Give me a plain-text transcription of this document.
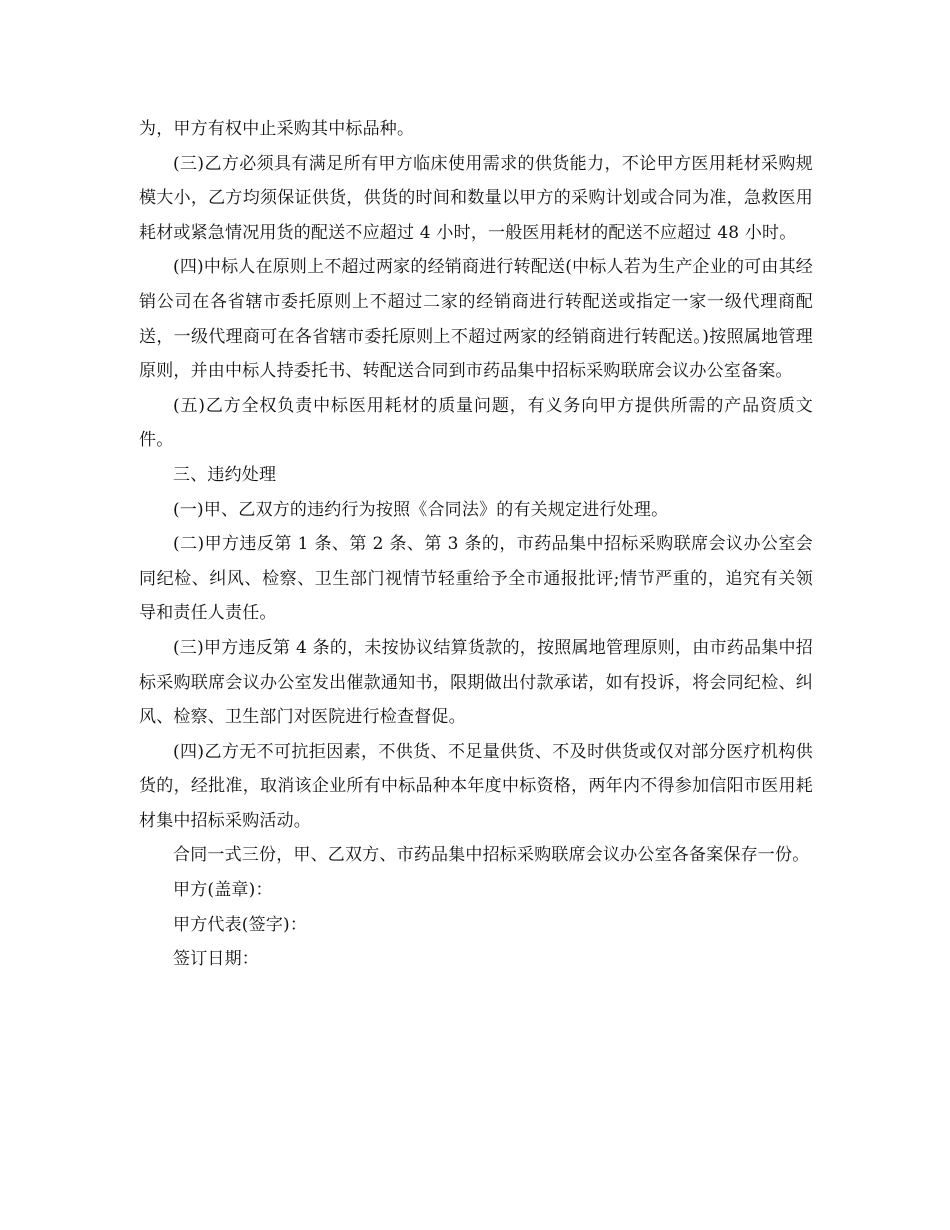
为，甲方有权中止采购其中标品种。

(三)乙方必须具有满足所有甲方临床使用需求的供货能力，不论甲方医用耗材采购规模大小，乙方均须保证供货，供货的时间和数量以甲方的采购计划或合同为准，急救医用耗材或紧急情况用货的配送不应超过 4 小时，一般医用耗材的配送不应超过 48 小时。

(四)中标人在原则上不超过两家的经销商进行转配送(中标人若为生产企业的可由其经销公司在各省辖市委托原则上不超过二家的经销商进行转配送或指定一家一级代理商配送，一级代理商可在各省辖市委托原则上不超过两家的经销商进行转配送。)按照属地管理原则，并由中标人持委托书、转配送合同到市药品集中招标采购联席会议办公室备案。

(五)乙方全权负责中标医用耗材的质量问题，有义务向甲方提供所需的产品资质文件。

三、违约处理

(一)甲、乙双方的违约行为按照《合同法》的有关规定进行处理。

(二)甲方违反第 1 条、第 2 条、第 3 条的，市药品集中招标采购联席会议办公室会同纪检、纠风、检察、卫生部门视情节轻重给予全市通报批评;情节严重的，追究有关领导和责任人责任。

(三)甲方违反第 4 条的，未按协议结算货款的，按照属地管理原则，由市药品集中招标采购联席会议办公室发出催款通知书，限期做出付款承诺，如有投诉，将会同纪检、纠风、检察、卫生部门对医院进行检查督促。

(四)乙方无不可抗拒因素，不供货、不足量供货、不及时供货或仅对部分医疗机构供货的，经批准，取消该企业所有中标品种本年度中标资格，两年内不得参加信阳市医用耗材集中招标采购活动。

合同一式三份，甲、乙双方、市药品集中招标采购联席会议办公室各备案保存一份。

甲方(盖章)：

甲方代表(签字)：

签订日期：
